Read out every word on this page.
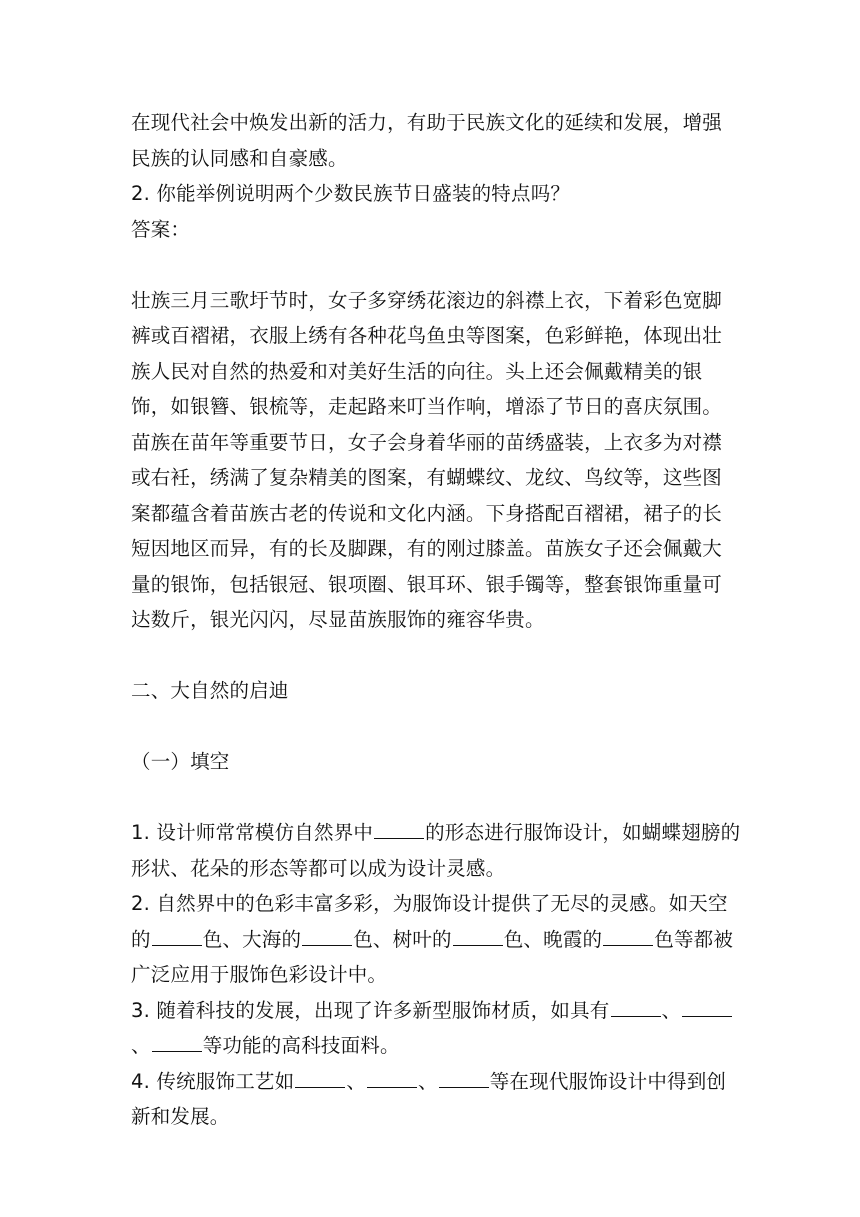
在现代社会中焕发出新的活力，有助于民族文化的延续和发展，增强民族的认同感和自豪感。

2. 你能举例说明两个少数民族节日盛装的特点吗？

答案：

壮族三月三歌圩节时，女子多穿绣花滚边的斜襟上衣，下着彩色宽脚裤或百褶裙，衣服上绣有各种花鸟鱼虫等图案，色彩鲜艳，体现出壮族人民对自然的热爱和对美好生活的向往。头上还会佩戴精美的银饰，如银簪、银梳等，走起路来叮当作响，增添了节日的喜庆氛围。

苗族在苗年等重要节日，女子会身着华丽的苗绣盛装，上衣多为对襟或右衽，绣满了复杂精美的图案，有蝴蝶纹、龙纹、鸟纹等，这些图案都蕴含着苗族古老的传说和文化内涵。下身搭配百褶裙，裙子的长短因地区而异，有的长及脚踝，有的刚过膝盖。苗族女子还会佩戴大量的银饰，包括银冠、银项圈、银耳环、银手镯等，整套银饰重量可达数斤，银光闪闪，尽显苗族服饰的雍容华贵。

二、大自然的启迪

（一）填空

1. 设计师常常模仿自然界中	的形态进行服饰设计，如蝴蝶翅膀的形状、花朵的形态等都可以成为设计灵感。

2. 自然界中的色彩丰富多彩，为服饰设计提供了无尽的灵感。如天空的	色、大海的	色、树叶的	色、晚霞的	色等都被广泛应用于服饰色彩设计中。

3. 随着科技的发展，出现了许多新型服饰材质，如具有	、、	等功能的高科技面料。

4. 传统服饰工艺如	、	、	等在现代服饰设计中得到创新和发展。
